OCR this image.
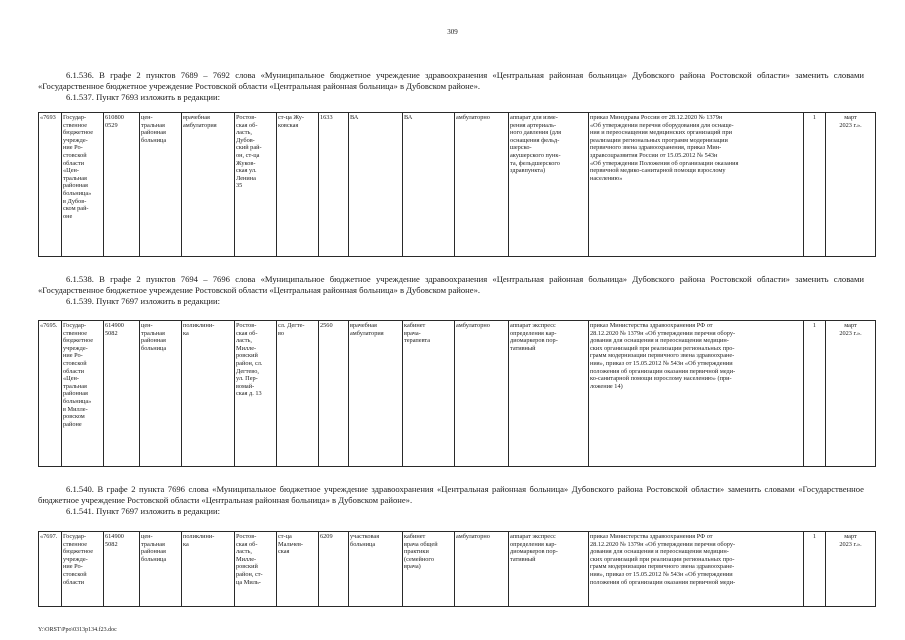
309
6.1.536. В графе 2 пунктов 7689 – 7692 слова «Муниципальное бюджетное учреждение здравоохранения «Центральная районная больница» Дубовского района Ростовской области» заменить словами «Государственное бюджетное учреждение Ростовской области «Центральная районная больница» в Дубовском районе».
6.1.537. Пункт 7693 изложить в редакции:
«7693	Государ-
ственное
бюджетное
учрежде-
ние Ро-
стовской
области
«Цен-
тральная
районная
больница»
в Дубов-
ском рай-
оне	610800
0529	цен-
тральная
районная
больница	врачебная
амбулатория	Ростов-
ская об-
ласть,
Дубов-
ский рай-
он, ст-ца
Жуков-
ская ул.
Ленина
35	ст-ца Жу-
ковская	1633	ВА	ВА	амбулаторно	аппарат для изме-
рения артериаль-
ного давления (для
оснащения фельд-
шерско-
акушерского пунк-
та, фельдшерского
здравпункта)	приказ Минздрава России от 28.12.2020 № 1379н
«Об утверждении перечня оборудования для оснаще-
ния и переоснащения медицинских организаций при
реализации региональных программ модернизации
первичного звена здравоохранения, приказ Мин-
здравсоцразвития России от 15.05.2012 № 543н
«Об утверждении Положения об организации оказания
первичной медико-санитарной помощи взрослому
населению»	1	март
2023 г.».
6.1.538. В графе 2 пунктов 7694 – 7696 слова «Муниципальное бюджетное учреждение здравоохранения «Центральная районная больница» Дубовского района Ростовской области» заменить словами «Государственное бюджетное учреждение Ростовской области «Центральная районная больница» в Дубовском районе».
6.1.539. Пункт 7697 изложить в редакции:
«7695.	Государ-
ственное
бюджетное
учрежде-
ние Ро-
стовской
области
«Цен-
тральная
районная
больница»
в Милле-
ровском
районе	614900
5082	цен-
тральная
районная
больница	поликлини-
ка	Ростов-
ская об-
ласть,
Милле-
ровский
район, сл.
Дегтево,
ул. Пер-
вомай-
ская д. 13	сл. Дегте-
во	2560	врачебная
амбулатория	кабинет
врача-
терапевта	амбулаторно	аппарат экспресс
определения кар-
диомаркеров пор-
тативный	приказ Министерства здравоохранения РФ от
28.12.2020 № 1379н «Об утверждении перечня обору-
дования для оснащения и переоснащения медицин-
ских организаций при реализации региональных про-
грамм модернизации первичного звена здравоохране-
ния», приказ от 15.05.2012 № 543н «Об утверждении
положения об организации оказания первичной меди-
ко-санитарной помощи взрослому населению» (при-
ложение 14)	1	март
2023 г.».
6.1.540. В графе 2 пункта 7696 слова «Муниципальное бюджетное учреждение здравоохранения «Центральная районная больница» Дубовского района Ростовской области» заменить словами «Государственное бюджетное учреждение Ростовской области «Центральная районная больница» в Дубовском районе».
6.1.541. Пункт 7697 изложить в редакции:
«7697.	Государ-
ственное
бюджетное
учрежде-
ние Ро-
стовской
области	614900
5082	цен-
тральная
районная
больница	поликлини-
ка	Ростов-
ская об-
ласть,
Милле-
ровский
район, ст-
ца Миль-	ст-ца
Мальчев-
ская	6209	участковая
больница	кабинет
врача общей
практики
(семейного
врача)	амбулаторно	аппарат экспресс
определения кар-
диомаркеров пор-
тативный	приказ Министерства здравоохранения РФ от
28.12.2020 № 1379н «Об утверждении перечня обору-
дования для оснащения и переоснащения медицин-
ских организаций при реализации региональных про-
грамм модернизации первичного звена здравоохране-
ния», приказ от 15.05.2012 № 543н «Об утверждении
положения об организации оказания первичной меди-	1	март
2023 г.».
Y:\ORST\Ppo\0313p134.f23.doc
